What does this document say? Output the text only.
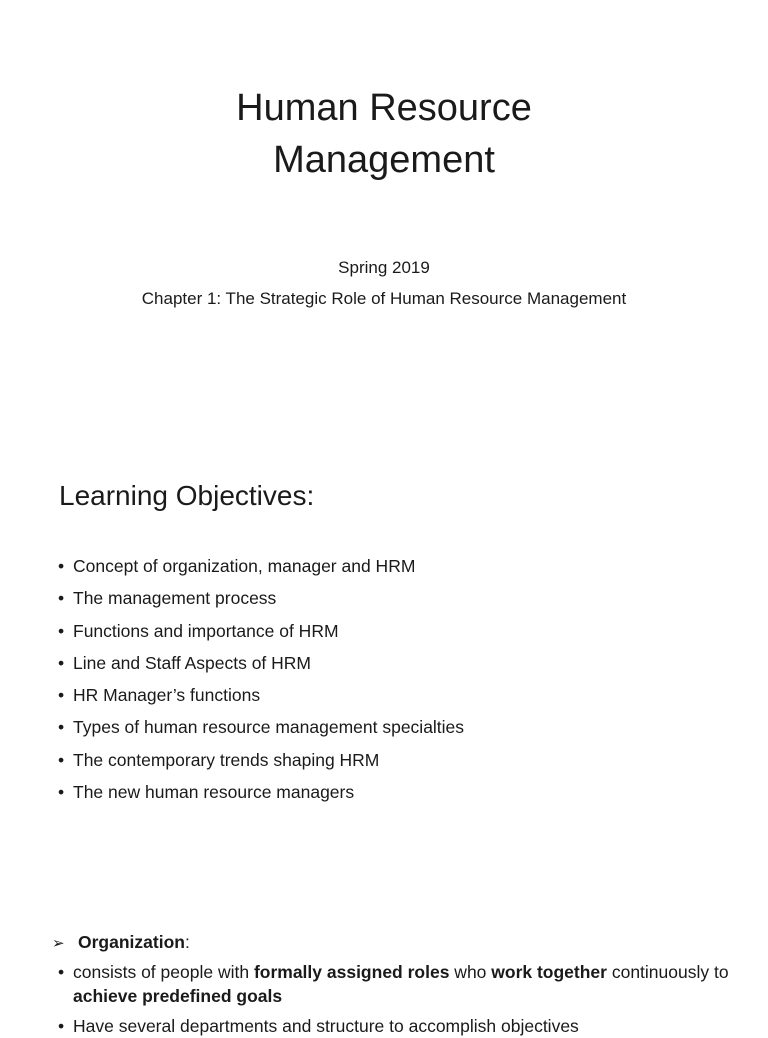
Human Resource
Management

Spring 2019

Chapter 1: The Strategic Role of Human Resource Management

Learning Objectives:
• Concept of organization, manager and HRM
• The management process
• Functions and importance of HRM
• Line and Staff Aspects of HRM
• HR Manager’s functions
• Types of human resource management specialties
• The contemporary trends shaping HRM
• The new human resource managers
➢ Organization:
• consists of people with formally assigned roles who work together continuously to achieve predefined goals
• Have several departments and structure to accomplish objectives
